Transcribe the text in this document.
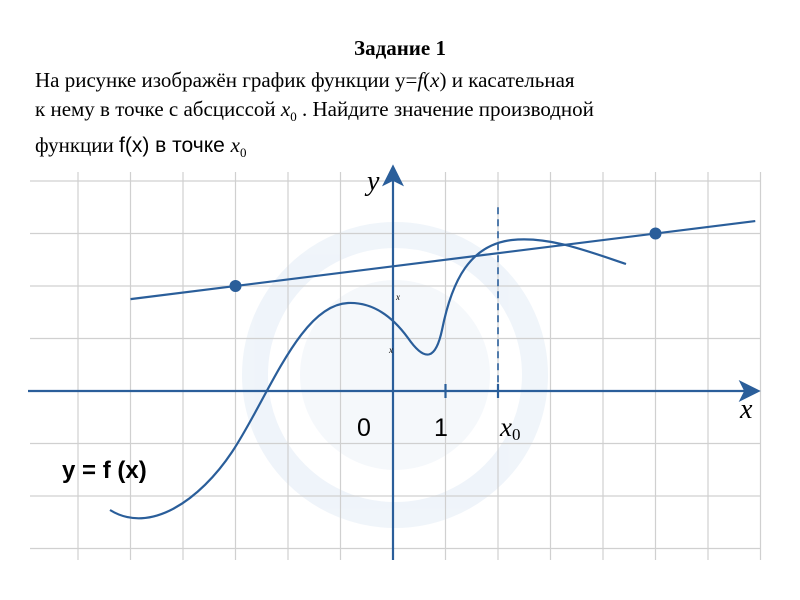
Задание 1
На рисунке изображён график функции y=f(x) и касательная
к нему в точке с абсциссой $x_0$ . Найдите значение производной
функции f(x) в точке $x_0$
y
x
0	1 x0
x
x
y = f (x)
